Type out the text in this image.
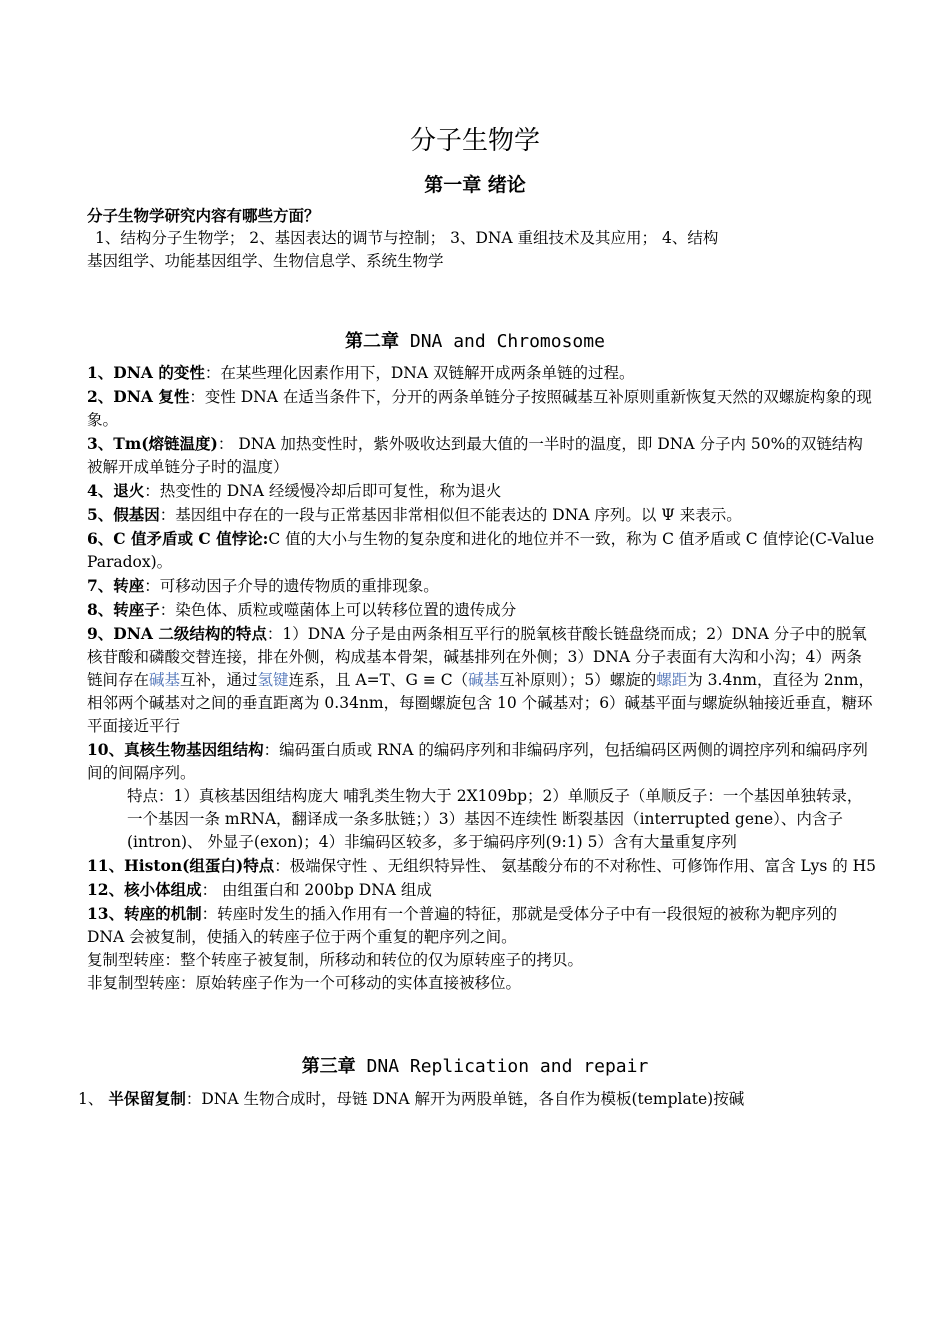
分子生物学
第一章 绪论

分子生物学研究内容有哪些方面？

1、结构分子生物学； 2、基因表达的调节与控制； 3、DNA 重组技术及其应用； 4、结构

基因组学、功能基因组学、生物信息学、系统生物学

第二章 DNA and Chromosome

1、DNA 的变性：在某些理化因素作用下，DNA 双链解开成两条单链的过程。

2、DNA 复性：变性 DNA 在适当条件下，分开的两条单链分子按照碱基互补原则重新恢复天然的双螺旋构象的现象。

3、Tm(熔链温度)： DNA 加热变性时，紫外吸收达到最大值的一半时的温度，即 DNA 分子内 50%的双链结构被解开成单链分子时的温度）

4、退火：热变性的 DNA 经缓慢冷却后即可复性，称为退火

5、假基因：基因组中存在的一段与正常基因非常相似但不能表达的 DNA 序列。以 Ψ 来表示。

6、C 值矛盾或 C 值悖论:C 值的大小与生物的复杂度和进化的地位并不一致，称为 C 值矛盾或 C 值悖论(C-Value Paradox)。

7、转座：可移动因子介导的遗传物质的重排现象。

8、转座子：染色体、质粒或噬菌体上可以转移位置的遗传成分

9、DNA 二级结构的特点：1）DNA 分子是由两条相互平行的脱氧核苷酸长链盘绕而成；2）DNA 分子中的脱氧核苷酸和磷酸交替连接，排在外侧，构成基本骨架，碱基排列在外侧；3）DNA 分子表面有大沟和小沟；4）两条链间存在碱基互补，通过氢键连系，且 A=T、G ≡ C（碱基互补原则）；5）螺旋的螺距为 3.4nm，直径为 2nm，相邻两个碱基对之间的垂直距离为 0.34nm，每圈螺旋包含 10 个碱基对；6）碱基平面与螺旋纵轴接近垂直，糖环平面接近平行

10、真核生物基因组结构：编码蛋白质或 RNA 的编码序列和非编码序列，包括编码区两侧的调控序列和编码序列间的间隔序列。

特点：1）真核基因组结构庞大 哺乳类生物大于 2X109bp；2）单顺反子（单顺反子：一个基因单独转录，一个基因一条 mRNA，翻译成一条多肽链；）3）基因不连续性 断裂基因（interrupted gene）、内含子(intron)、 外显子(exon)；4）非编码区较多，多于编码序列(9:1) 5）含有大量重复序列

11、Histon(组蛋白)特点：极端保守性 、无组织特异性、 氨基酸分布的不对称性、可修饰作用、富含 Lys 的 H5

12、核小体组成： 由组蛋白和 200bp DNA 组成

13、转座的机制：转座时发生的插入作用有一个普遍的特征，那就是受体分子中有一段很短的被称为靶序列的 DNA 会被复制，使插入的转座子位于两个重复的靶序列之间。

复制型转座：整个转座子被复制，所移动和转位的仅为原转座子的拷贝。

非复制型转座：原始转座子作为一个可移动的实体直接被移位。

第三章 DNA Replication and repair

1、 半保留复制：DNA 生物合成时，母链 DNA 解开为两股单链，各自作为模板(template)按碱
